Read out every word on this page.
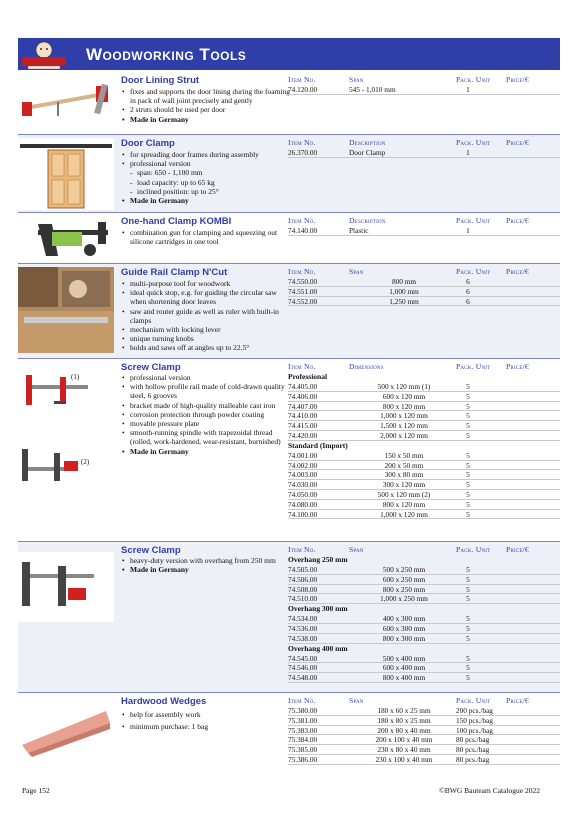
Woodworking Tools
Door Lining Strut
• fixes and supports the door lining during the foaming in pack of wall joint precisely and gently
• 2 struts should be used per door
• Made in Germany
Item No.	Span	Pack. Unit Price/€
74.120.00	545 - 1,010 mm	1
Door Clamp
• for spreading door frames during assembly
• professional version
- span: 650 - 1,100 mm
- load capacity: up to 65 kg
- inclined position: up to 25°
• Made in Germany
Item No.	Description	Pack. Unit Price/€
26.370.00	Door Clamp	1
One-hand Clamp KOMBI
• combination gun for clamping and squeezing out silicone cartridges in one tool
Item No.	Description	Pack. Unit Price/€
74.140.00	Plastic	1
Guide Rail Clamp N'Cut
• multi-purpose tool for woodwork
• ideal quick stop, e.g. for guiding the circular saw when shortening door leaves
• saw and router guide as well as ruler with built-in clamps
• mechanism with locking lever
• unique turning knobs
• holds and saws off at angles up to 22.5°
Item No.	Span	Pack. Unit Price/€
74.550.00	800 mm	6
74.551.00	1,000 mm	6
74.552.00	1,250 mm	6
(1)
(2)
Screw Clamp
• professional version
• with hollow profile rail made of cold-drawn quality steel, 6 grooves
• bracket made of high-quality malleable cast iron
• corrosion protection through powder coating
• movable pressure plate
• smooth-running spindle with trapezoidal thread (rolled, work-hardened, wear-resistant, burnished)
• Made in Germany
Item No.	Dimensions	Pack. Unit Price/€
Professional
74.405.00	500 x 120 mm (1)	5
74.406.00	600 x 120 mm	5
74.407.00	800 x 120 mm	5
74.410.00	1,000 x 120 mm	5
74.415.00	1,500 x 120 mm	5
74.420.00	2,000 x 120 mm	5
Standard (Import)
74.001.00	150 x 50 mm	5
74.002.00	200 x 50 mm	5
74.003.00	300 x 80 mm	5
74.030.00	300 x 120 mm	5
74.050.00	500 x 120 mm (2)	5
74.080.00	800 x 120 mm	5
74.100.00	1,000 x 120 mm	5
Screw Clamp
• heavy-duty version with overhang from 250 mm
• Made in Germany
Item No.	Span	Pack. Unit Price/€
Overhang 250 mm
74.505.00	500 x 250 mm	5
74.506.00	600 x 250 mm	5
74.508.00	800 x 250 mm	5
74.510.00	1,000 x 250 mm	5
Overhang 300 mm
74.534.00	400 x 300 mm	5
74.536.00	600 x 300 mm	5
74.538.00	800 x 300 mm	5
Overhang 400 mm
74.545.00	500 x 400 mm	5
74.546.00	600 x 400 mm	5
74.548.00	800 x 400 mm	5
Hardwood Wedges
• help for assembly work
• minimum purchase: 1 bag
Item No.	Span	Pack. Unit Price/€
75.380.00	180 x 60 x 25 mm	200 pcs./bag
75.381.00	180 x 80 x 25 mm	150 pcs./bag
75.383.00	200 x 80 x 40 mm	100 pcs./bag
75.384.00	200 x 100 x 40 mm	80 pcs./bag
75.385.00	230 x 80 x 40 mm	80 pcs./bag
75.386.00	230 x 100 x 40 mm	80 pcs./bag
Page 152	©BWG Bauteam Catalogue 2022
